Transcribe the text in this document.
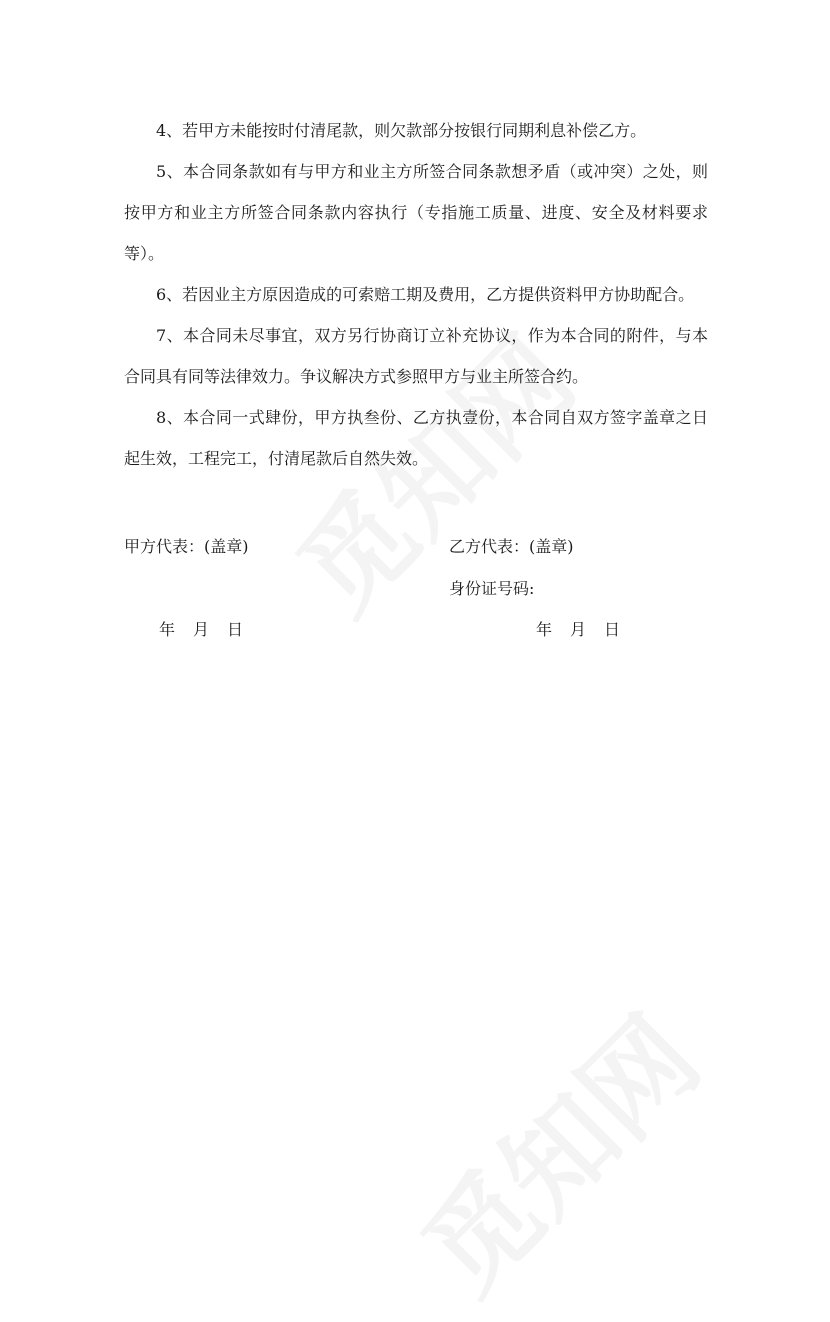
4、若甲方未能按时付清尾款，则欠款部分按银行同期利息补偿乙方。

5、本合同条款如有与甲方和业主方所签合同条款想矛盾（或冲突）之处，则按甲方和业主方所签合同条款内容执行（专指施工质量、进度、安全及材料要求等）。

6、若因业主方原因造成的可索赔工期及费用，乙方提供资料甲方协助配合。

7、本合同未尽事宜，双方另行协商订立补充协议，作为本合同的附件，与本合同具有同等法律效力。争议解决方式参照甲方与业主所签合约。

8、本合同一式肆份，甲方执叁份、乙方执壹份，本合同自双方签字盖章之日起生效，工程完工，付清尾款后自然失效。

甲方代表：(盖章)	乙方代表：(盖章)
身份证号码:
年 月 日	年 月 日
